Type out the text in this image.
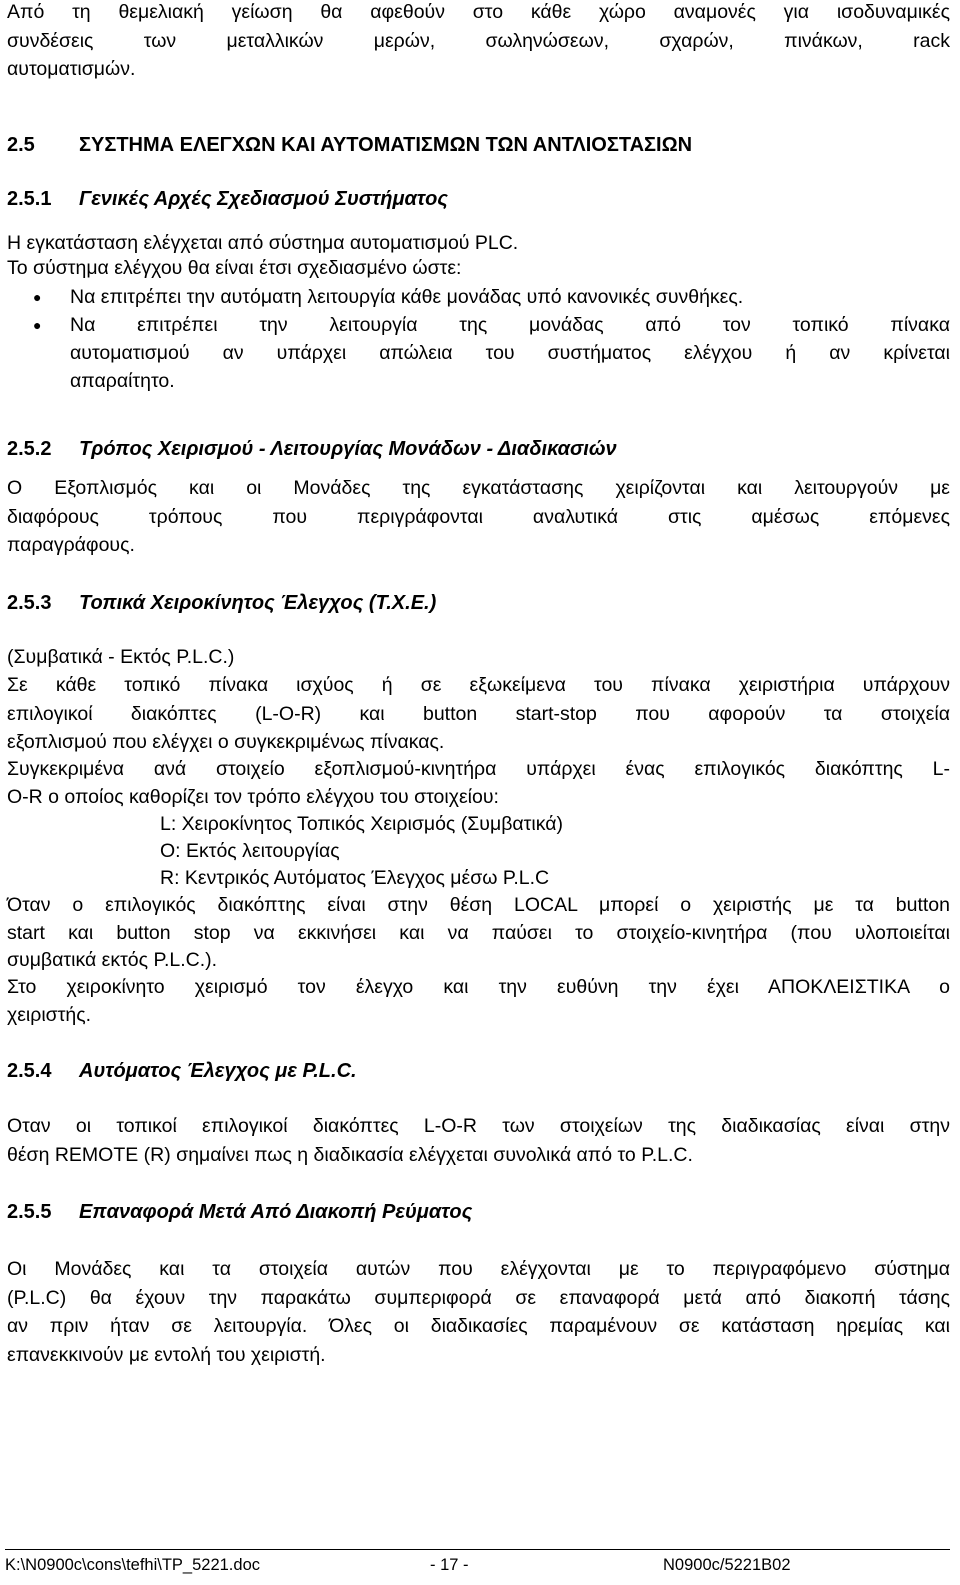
Από τη θεμελιακή γείωση θα αφεθούν στο κάθε χώρο αναμονές για ισοδυναμικές
συνδέσεις των μεταλλικών μερών, σωληνώσεων, σχαρών, πινάκων, rack
αυτοματισμών.
2.5 ΣΥΣΤΗΜΑ ΕΛΕΓΧΩΝ ΚΑΙ ΑΥΤΟΜΑΤΙΣΜΩΝ ΤΩΝ ΑΝΤΛΙΟΣΤΑΣΙΩΝ
2.5.1 Γενικές Αρχές Σχεδιασμού Συστήματος
Η εγκατάσταση ελέγχεται από σύστημα αυτοματισμού PLC.
Το σύστημα ελέγχου θα είναι έτσι σχεδιασμένο ώστε:
● Να επιτρέπει την αυτόματη λειτουργία κάθε μονάδας υπό κανονικές συνθήκες.
● Να επιτρέπει την λειτουργία της μονάδας από τον τοπικό πίνακα
αυτοματισμού αν υπάρχει απώλεια του συστήματος ελέγχου ή αν κρίνεται
απαραίτητο.
2.5.2 Τρόπος Χειρισμού - Λειτουργίας Μονάδων - Διαδικασιών
Ο Εξοπλισμός και οι Μονάδες της εγκατάστασης χειρίζονται και λειτουργούν με
διαφόρους τρόπους που περιγράφονται αναλυτικά στις αμέσως επόμενες
παραγράφους.
2.5.3 Τοπικά Χειροκίνητος Έλεγχος (Τ.Χ.Ε.)
(Συμβατικά - Εκτός P.L.C.)
Σε κάθε τοπικό πίνακα ισχύος ή σε εξωκείμενα του πίνακα χειριστήρια υπάρχουν
επιλογικοί διακόπτες (L-O-R) και button start-stop που αφορούν τα στοιχεία
εξοπλισμού που ελέγχει ο συγκεκριμένως πίνακας.
Συγκεκριμένα ανά στοιχείο εξοπλισμού-κινητήρα υπάρχει ένας επιλογικός διακόπτης L-
O-R ο οποίος καθορίζει τον τρόπο ελέγχου του στοιχείου:
L: Χειροκίνητος Τοπικός Χειρισμός (Συμβατικά)
O: Εκτός λειτουργίας
R: Κεντρικός Αυτόματος Έλεγχος μέσω P.L.C
Όταν ο επιλογικός διακόπτης είναι στην θέση LOCAL μπορεί ο χειριστής με τα button
start και button stop να εκκινήσει και να παύσει το στοιχείο-κινητήρα (που υλοποιείται
συμβατικά εκτός P.L.C.).
Στο χειροκίνητο χειρισμό τον έλεγχο και την ευθύνη την έχει ΑΠΟΚΛΕΙΣΤΙΚΑ ο
χειριστής.
2.5.4 Αυτόματος Έλεγχος με P.L.C.
Οταν οι τοπικοί επιλογικοί διακόπτες L-O-R των στοιχείων της διαδικασίας είναι στην
θέση REMOTE (R) σημαίνει πως η διαδικασία ελέγχεται συνολικά από το P.L.C.
2.5.5 Επαναφορά Μετά Από Διακοπή Ρεύματος
Οι Μονάδες και τα στοιχεία αυτών που ελέγχονται με το περιγραφόμενο σύστημα
(P.L.C) θα έχουν την παρακάτω συμπεριφορά σε επαναφορά μετά από διακοπή τάσης
αν πριν ήταν σε λειτουργία. Όλες οι διαδικασίες παραμένουν σε κατάσταση ηρεμίας και
επανεκκινούν με εντολή του χειριστή.
K:\N0900c\cons\tefhi\TP_5221.doc	- 17 -	N0900c/5221B02
